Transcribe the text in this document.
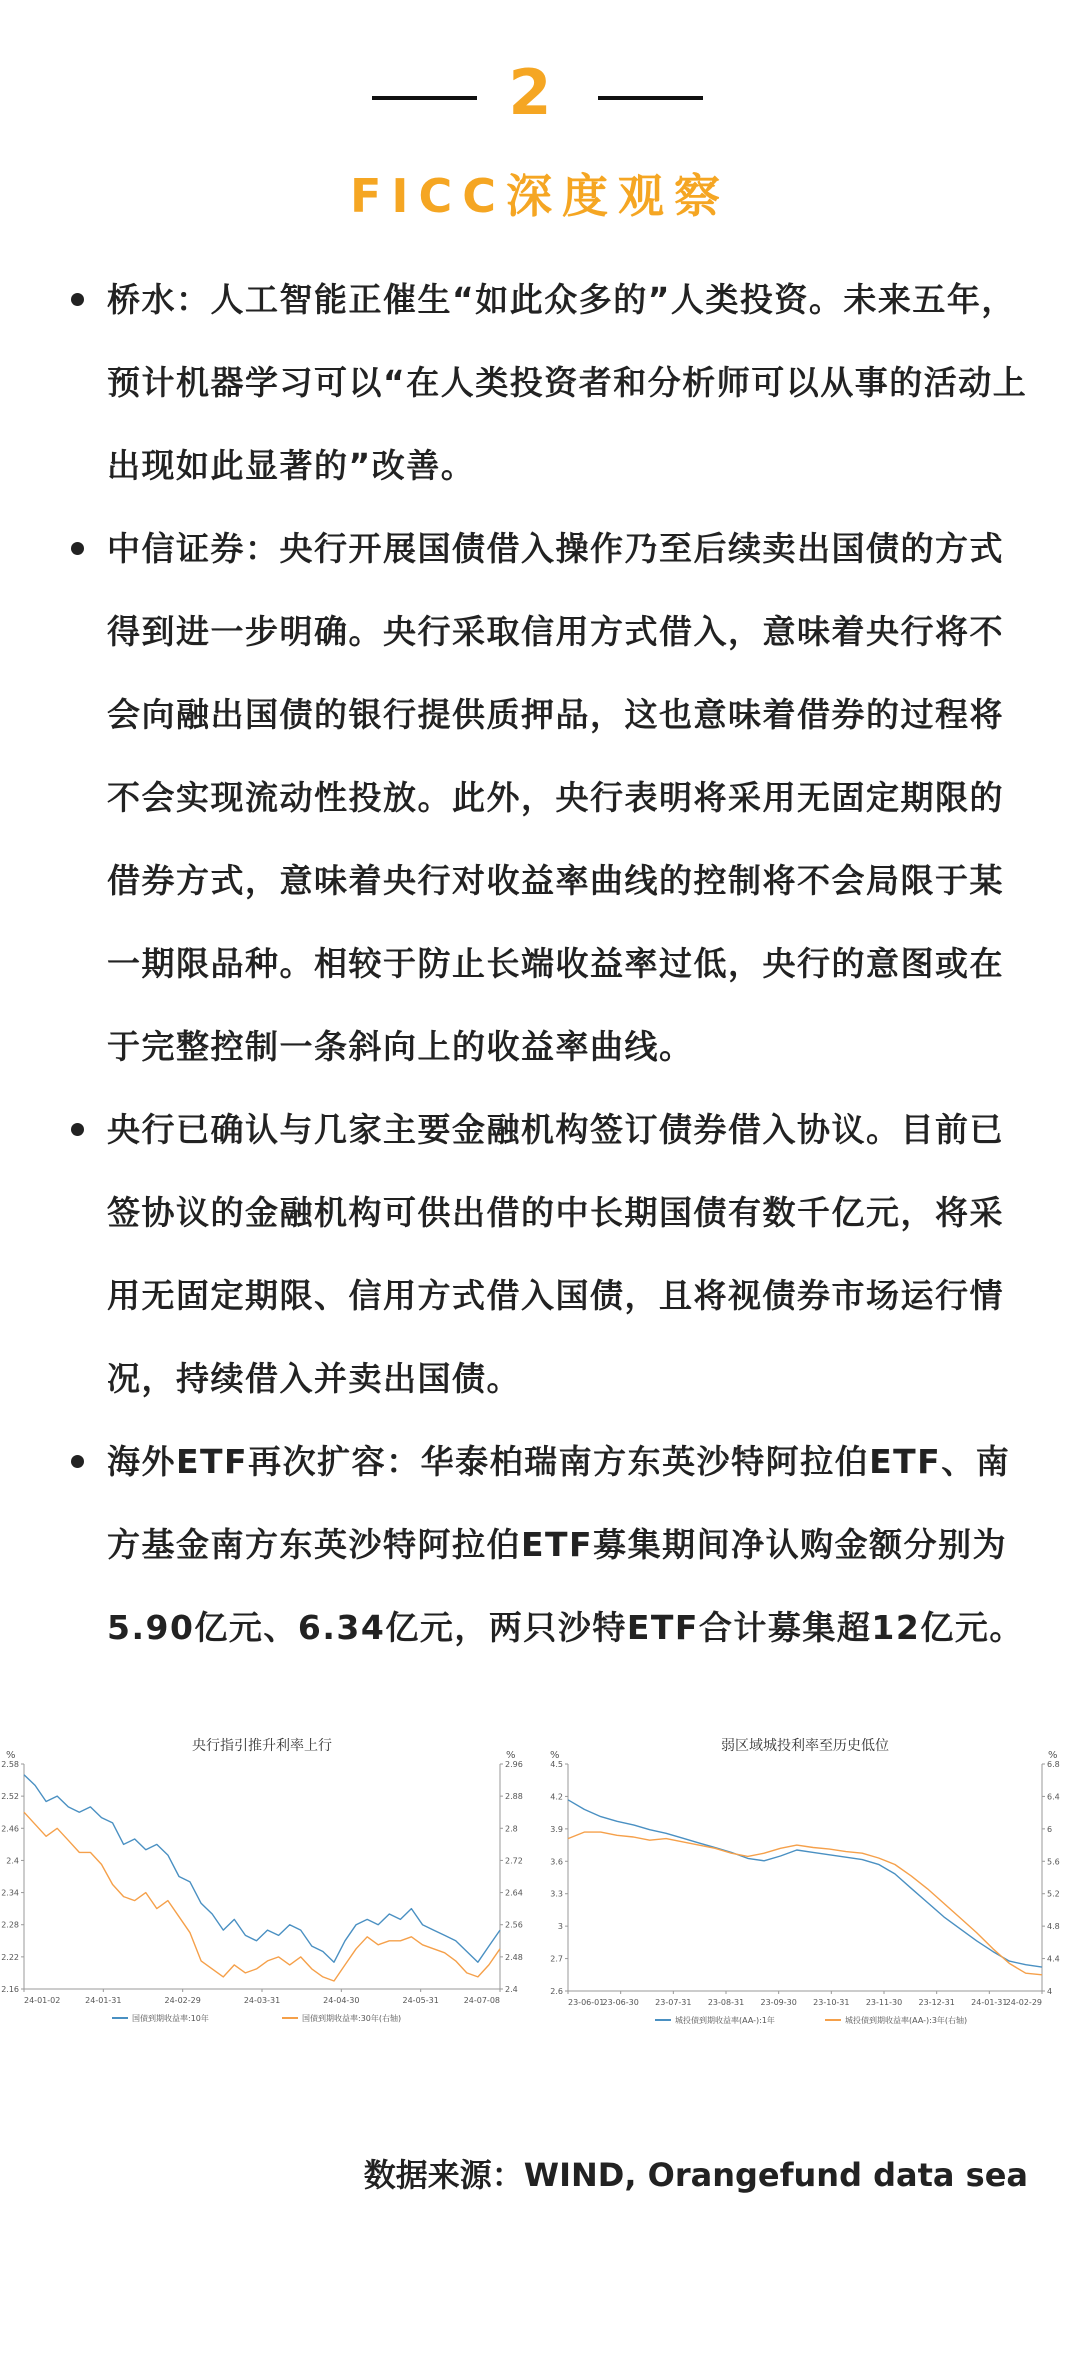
2
FICC深度观察
桥水：人工智能正催生“如此众多的”人类投资。未来五年，预计机器学习可以“在人类投资者和分析师可以从事的活动上出现如此显著的”改善。
中信证券：央行开展国债借入操作乃至后续卖出国债的方式得到进一步明确。央行采取信用方式借入，意味着央行将不会向融出国债的银行提供质押品，这也意味着借券的过程将不会实现流动性投放。此外，央行表明将采用无固定期限的借券方式，意味着央行对收益率曲线的控制将不会局限于某一期限品种。相较于防止长端收益率过低，央行的意图或在于完整控制一条斜向上的收益率曲线。
央行已确认与几家主要金融机构签订债券借入协议。目前已签协议的金融机构可供出借的中长期国债有数千亿元，将采用无固定期限、信用方式借入国债，且将视债券市场运行情况，持续借入并卖出国债。
海外ETF再次扩容：华泰柏瑞南方东英沙特阿拉伯ETF、南方基金南方东英沙特阿拉伯ETF募集期间净认购金额分别为5.90亿元、6.34亿元，两只沙特ETF合计募集超12亿元。
央行指引推升利率上行
%	%
2.58
2.52
2.46
2.4
2.34
2.28
2.22
2.16
2.96
2.88
2.8
2.72
2.64
2.56
2.48
2.4
24-01-02	24-01-31	24-02-29	24-03-31	24-04-30	24-05-31	24-07-08
国债到期收益率:10年	国债到期收益率:30年(右轴)
弱区域城投利率至历史低位
%	%
4.5
4.2
3.9
3.6
3.3
3
2.7
2.6
6.8
6.4
6
5.6
5.2
4.8
4.4
4
23-06-01
23-06-30 23-07-31 23-08-31 23-09-30 23-10-31 23-11-30 23-12-31 24-01-31
24-02-29
城投债到期收益率(AA-):1年	城投债到期收益率(AA-):3年(右轴)
数据来源：WIND, Orangefund data sea
